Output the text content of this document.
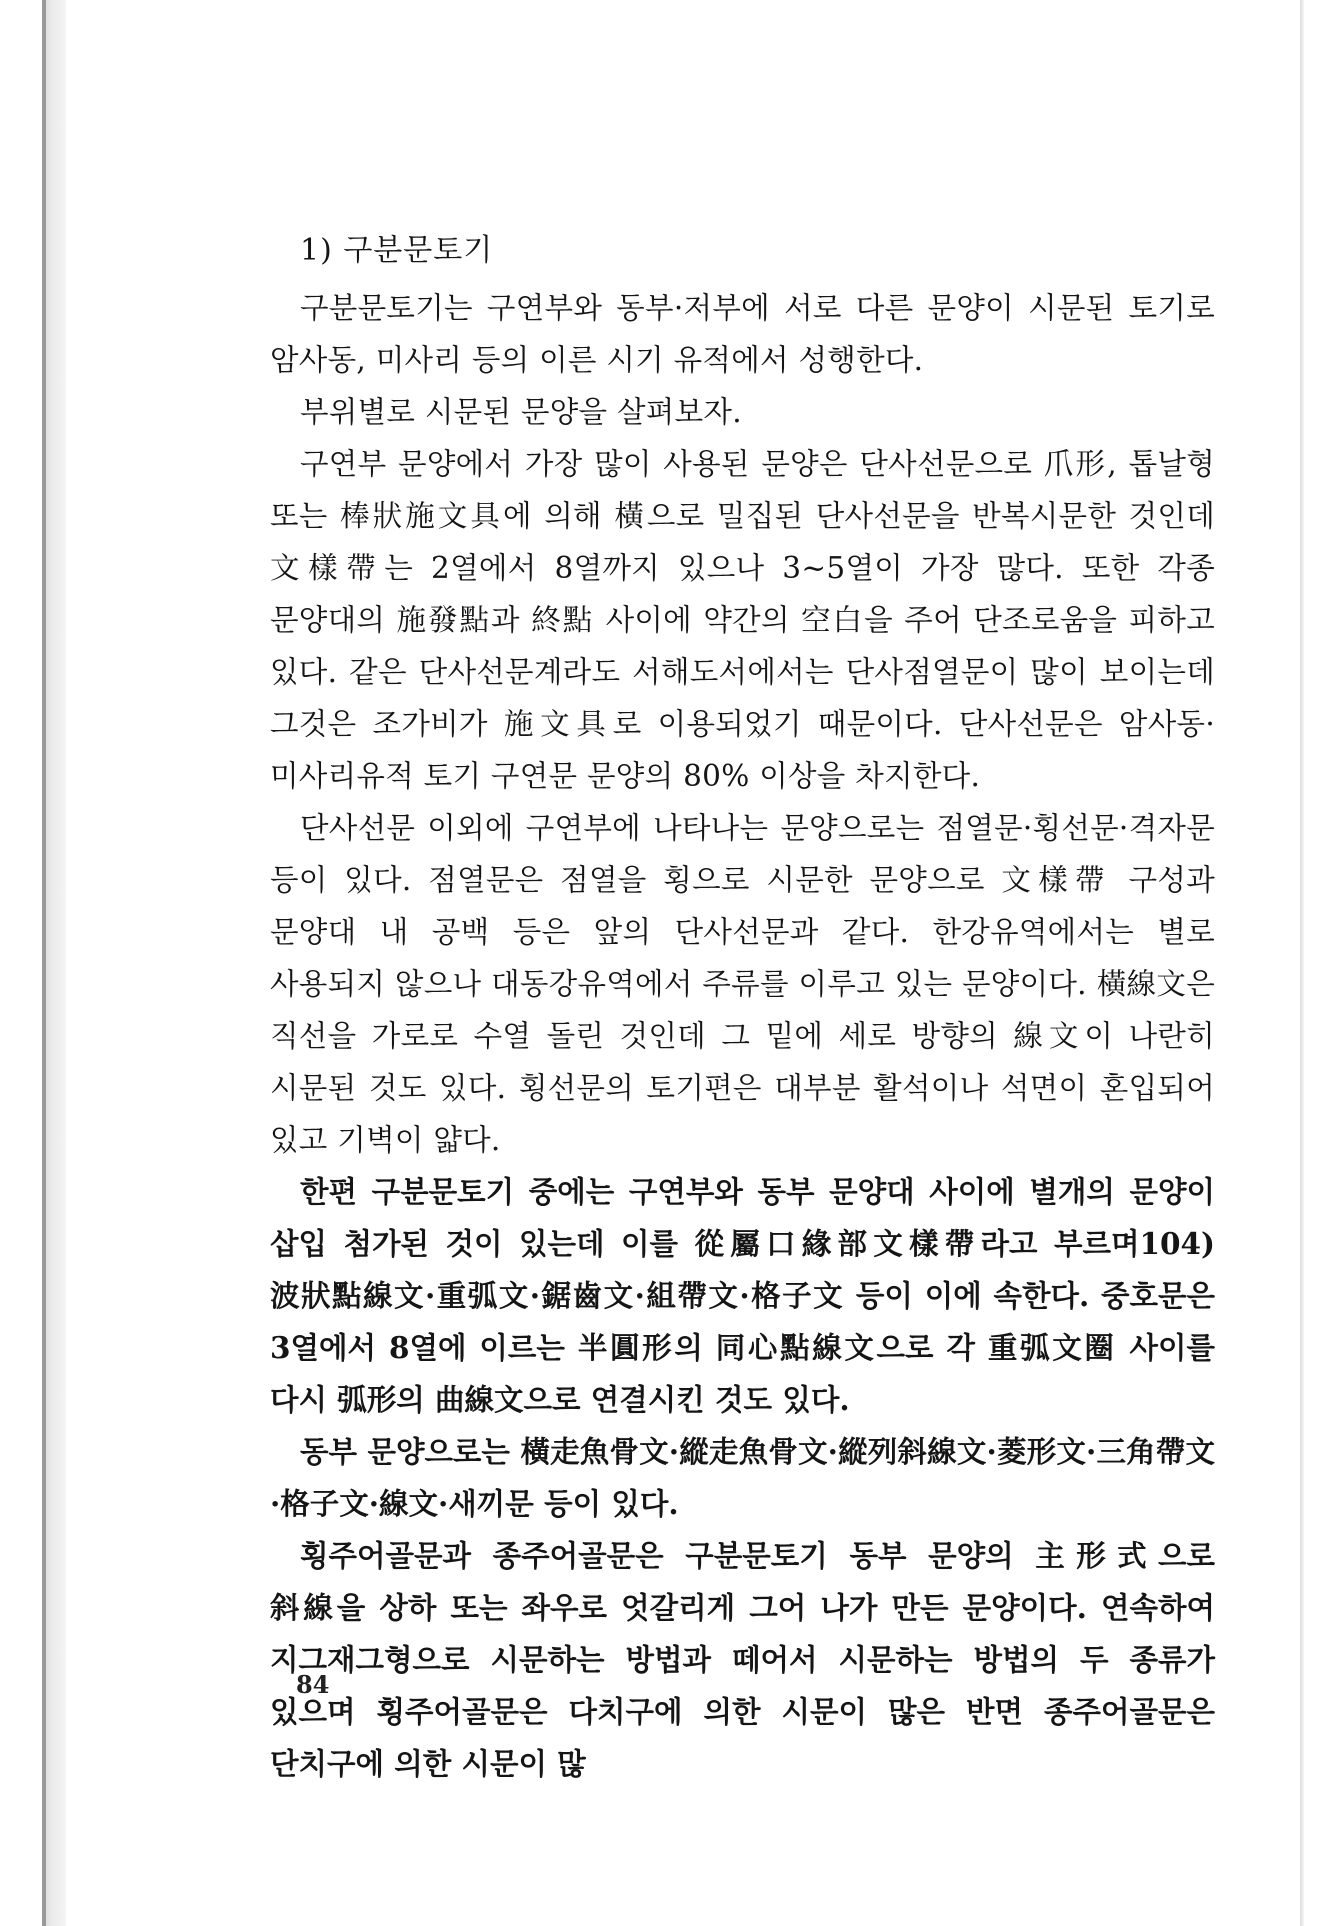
1) 구분문토기

구분문토기는 구연부와 동부·저부에 서로 다른 문양이 시문된 토기로 암사동, 미사리 등의 이른 시기 유적에서 성행한다.

부위별로 시문된 문양을 살펴보자.

구연부 문양에서 가장 많이 사용된 문양은 단사선문으로 爪形, 톱날형 또는 棒狀施文具에 의해 橫으로 밀집된 단사선문을 반복시문한 것인데 文樣帶는 2열에서 8열까지 있으나 3~5열이 가장 많다. 또한 각종 문양대의 施發點과 終點 사이에 약간의 空白을 주어 단조로움을 피하고 있다. 같은 단사선문계라도 서해도서에서는 단사점열문이 많이 보이는데 그것은 조가비가 施文具로 이용되었기 때문이다. 단사선문은 암사동·미사리유적 토기 구연문 문양의 80% 이상을 차지한다.

단사선문 이외에 구연부에 나타나는 문양으로는 점열문·횡선문·격자문 등이 있다. 점열문은 점열을 횡으로 시문한 문양으로 文樣帶 구성과 문양대 내 공백 등은 앞의 단사선문과 같다. 한강유역에서는 별로 사용되지 않으나 대동강유역에서 주류를 이루고 있는 문양이다. 橫線文은 직선을 가로로 수열 돌린 것인데 그 밑에 세로 방향의 線文이 나란히 시문된 것도 있다. 횡선문의 토기편은 대부분 활석이나 석면이 혼입되어 있고 기벽이 얇다.

한편 구분문토기 중에는 구연부와 동부 문양대 사이에 별개의 문양이 삽입 첨가된 것이 있는데 이를 從屬口緣部文樣帶라고 부르며104) 波狀點線文·重弧文·鋸齒文·組帶文·格子文 등이 이에 속한다. 중호문은 3열에서 8열에 이르는 半圓形의 同心點線文으로 각 重弧文圈 사이를 다시 弧形의 曲線文으로 연결시킨 것도 있다.

동부 문양으로는 橫走魚骨文·縱走魚骨文·縱列斜線文·菱形文·三角帶文·格子文·線文·새끼문 등이 있다.

횡주어골문과 종주어골문은 구분문토기 동부 문양의 主形式으로 斜線을 상하 또는 좌우로 엇갈리게 그어 나가 만든 문양이다. 연속하여 지그재그형으로 시문하는 방법과 떼어서 시문하는 방법의 두 종류가 있으며 횡주어골문은 다치구에 의한 시문이 많은 반면 종주어골문은 단치구에 의한 시문이 많

84
